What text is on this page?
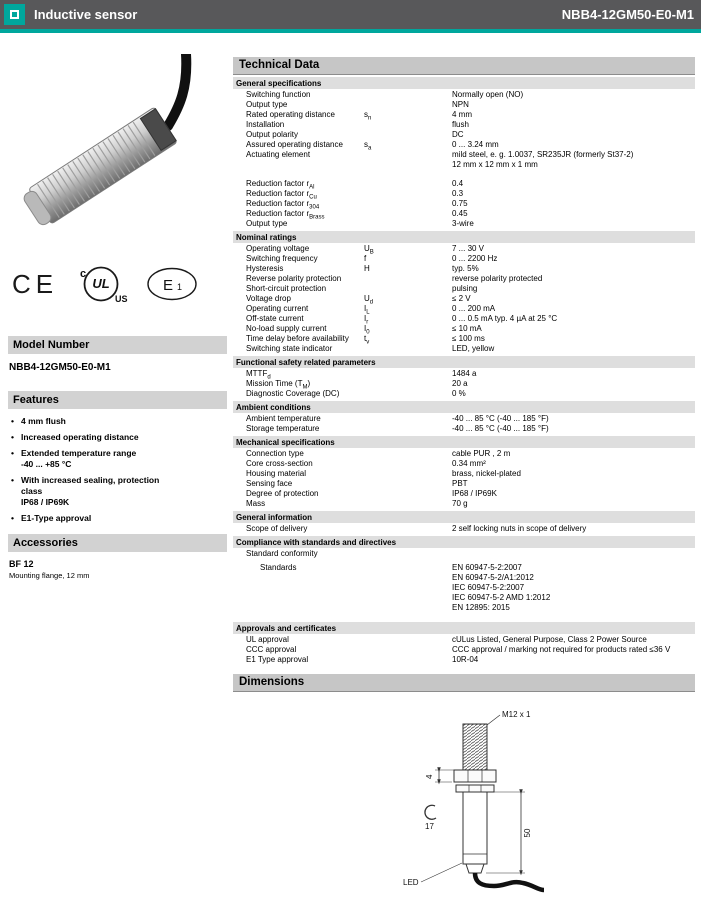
Inductive sensor	NBB4-12GM50-E0-M1
CE c
UL
US
E 1
Model Number
NBB4-12GM50-E0-M1
Features
• 4 mm flush
• Increased operating distance
• Extended temperature range
-40 ... +85 °C
• With increased sealing, protection
class
IP68 / IP69K
• E1-Type approval
Accessories
BF 12
Mounting flange, 12 mm
Technical Data
General specifications
Switching function	Normally open (NO)
Output type	NPN
Rated operating distance	$s_n$	4 mm
Installation	flush
Output polarity	DC
Assured operating distance	$s_a$	0 ... 3.24 mm
Actuating element	mild steel, e. g. 1.0037, SR235JR (formerly St37-2)
12 mm x 12 mm x 1 mm
Reduction factor $r_{Al}$	0.4
Reduction factor $r_{Cu}$	0.3
Reduction factor $r_{304}$	0.75
Reduction factor $r_{Brass}$	0.45
Output type	3-wire
Nominal ratings
Operating voltage	$U_B$	7 ... 30 V
Switching frequency	f	0 ... 2200 Hz
Hysteresis	H	typ. 5%
Reverse polarity protection	reverse polarity protected
Short-circuit protection	pulsing
Voltage drop	$U_d$	≤ 2 V
Operating current	$I_L$	0 ... 200 mA
Off-state current	$I_r$	0 ... 0.5 mA typ. 4 µA at 25 °C
No-load supply current	$I_0$	≤ 10 mA
Time delay before availability	$t_v$	≤ 100 ms
Switching state indicator	LED, yellow
Functional safety related parameters
$MTTF_d$	1484 a
Mission Time $(T_M)$	20 a
Diagnostic Coverage (DC)	0 %
Ambient conditions
Ambient temperature	-40 ... 85 °C (-40 ... 185 °F)
Storage temperature	-40 ... 85 °C (-40 ... 185 °F)
Mechanical specifications
Connection type	cable PUR , 2 m
Core cross-section	0.34 mm²
Housing material	brass, nickel-plated
Sensing face	PBT
Degree of protection	IP68 / IP69K
Mass	70 g
General information
Scope of delivery	2 self locking nuts in scope of delivery
Compliance with standards and directives
Standard conformity
Standards	EN 60947-5-2:2007
EN 60947-5-2/A1:2012
IEC 60947-5-2:2007
IEC 60947-5-2 AMD 1:2012
EN 12895: 2015
Approvals and certificates
UL approval	cULus Listed, General Purpose, Class 2 Power Source
CCC approval	CCC approval / marking not required for products rated ≤36 V
E1 Type approval	10R-04
Dimensions
M12 x 1
4
17
50
LED
